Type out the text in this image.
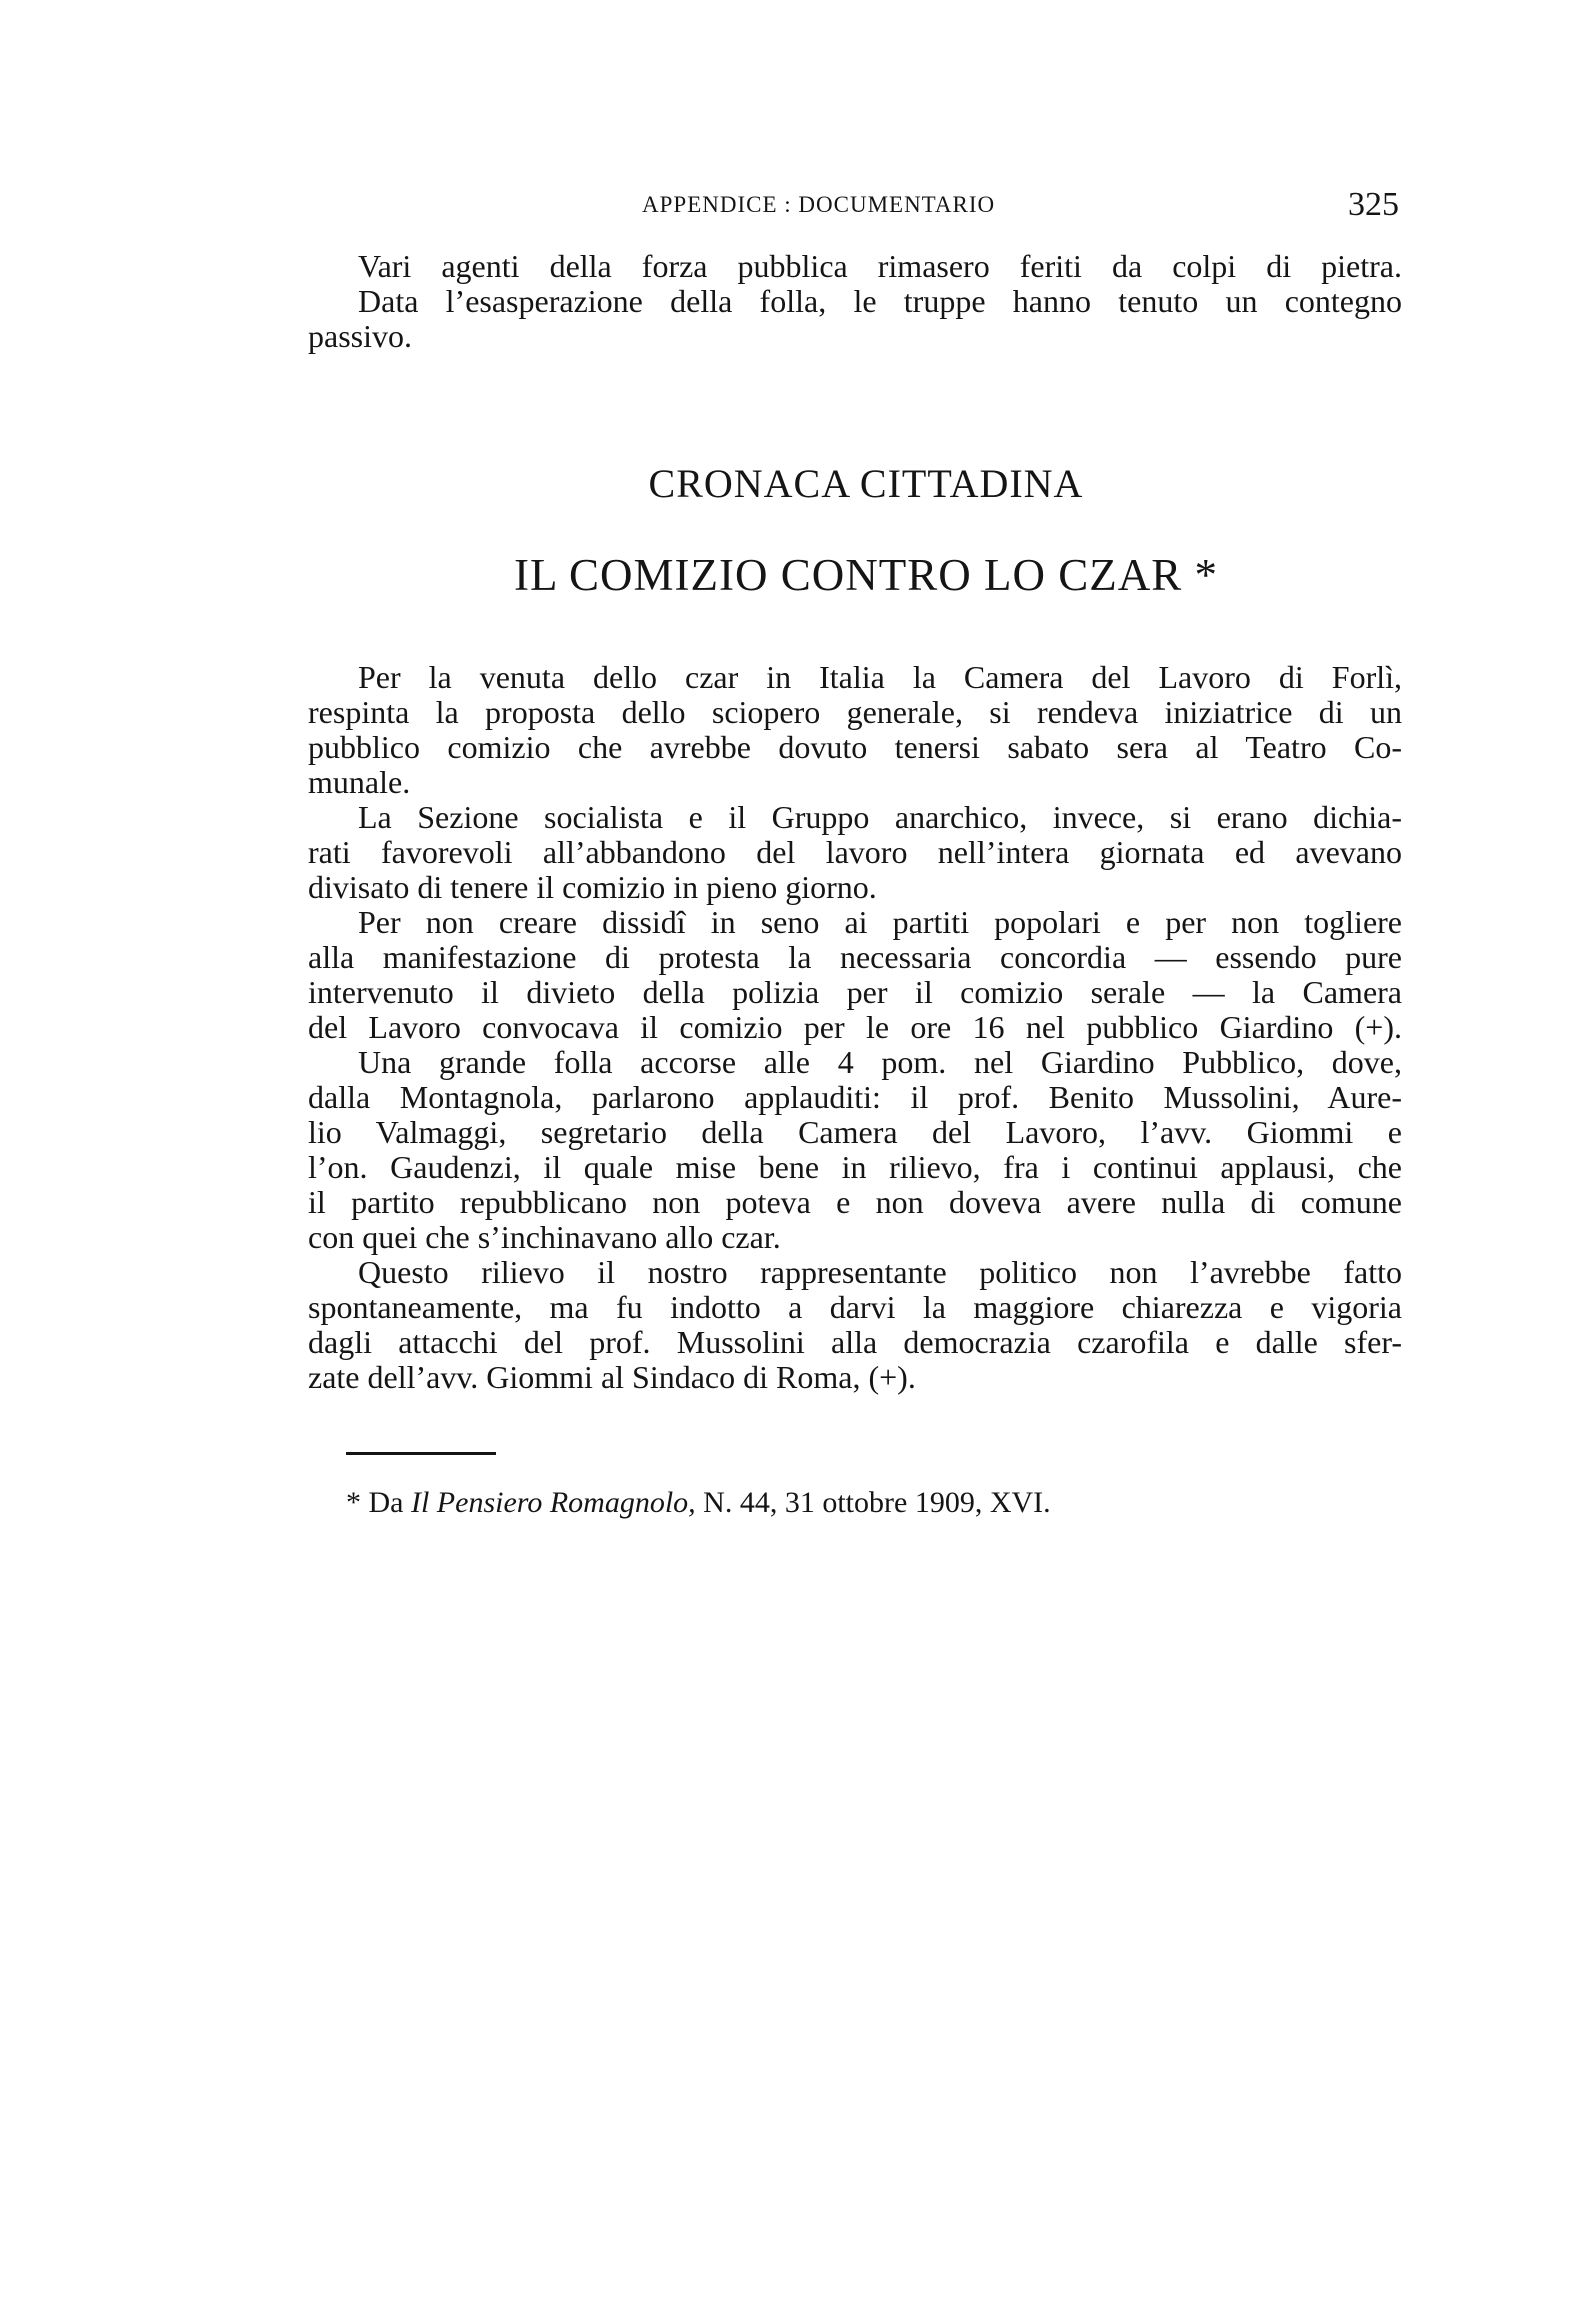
APPENDICE : DOCUMENTARIO	325
Vari agenti della forza pubblica rimasero feriti da colpi di pietra.
Data l’esasperazione della folla, le truppe hanno tenuto un contegno
passivo.
CRONACA CITTADINA
IL COMIZIO CONTRO LO CZAR *
Per la venuta dello czar in Italia la Camera del Lavoro di Forlì,
respinta la proposta dello sciopero generale, si rendeva iniziatrice di un
pubblico comizio che avrebbe dovuto tenersi sabato sera al Teatro Co-
munale.
La Sezione socialista e il Gruppo anarchico, invece, si erano dichia-
rati favorevoli all’abbandono del lavoro nell’intera giornata ed avevano
divisato di tenere il comizio in pieno giorno.
Per non creare dissidî in seno ai partiti popolari e per non togliere
alla manifestazione di protesta la necessaria concordia — essendo pure
intervenuto il divieto della polizia per il comizio serale — la Camera
del Lavoro convocava il comizio per le ore 16 nel pubblico Giardino (+).
Una grande folla accorse alle 4 pom. nel Giardino Pubblico, dove,
dalla Montagnola, parlarono applauditi: il prof. Benito Mussolini, Aure-
lio Valmaggi, segretario della Camera del Lavoro, l’avv. Giommi e
l’on. Gaudenzi, il quale mise bene in rilievo, fra i continui applausi, che
il partito repubblicano non poteva e non doveva avere nulla di comune
con quei che s’inchinavano allo czar.
Questo rilievo il nostro rappresentante politico non l’avrebbe fatto
spontaneamente, ma fu indotto a darvi la maggiore chiarezza e vigoria
dagli attacchi del prof. Mussolini alla democrazia czarofila e dalle sfer-
zate dell’avv. Giommi al Sindaco di Roma, (+).
* Da Il Pensiero Romagnolo, N. 44, 31 ottobre 1909, XVI.
